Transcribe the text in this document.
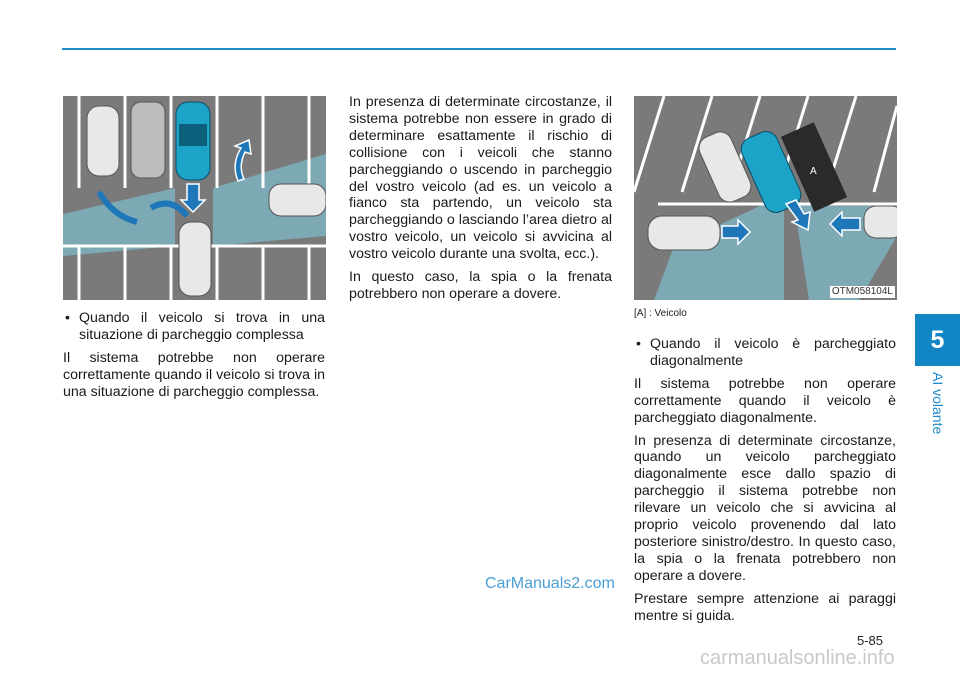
5
AI volante
A
OTM058104L
[A] : Veicolo
• Quando il veicolo si trova in una situazione di parcheggio complessa

Il sistema potrebbe non operare correttamente quando il veicolo si trova in una situazione di parcheggio complessa.

In presenza di determinate circostanze, il sistema potrebbe non essere in grado di determinare esattamente il rischio di collisione con i veicoli che stanno parcheggiando o uscendo in parcheggio del vostro veicolo (ad es. un veicolo a fianco sta partendo, un veicolo sta parcheggiando o lasciando l’area dietro al vostro veicolo, un veicolo si avvicina al vostro veicolo durante una svolta, ecc.).

In questo caso, la spia o la frenata potrebbero non operare a dovere.

• Quando il veicolo è parcheggiato diagonalmente

Il sistema potrebbe non operare correttamente quando il veicolo è parcheggiato diagonalmente.

In presenza di determinate circostanze, quando un veicolo parcheggiato diagonalmente esce dallo spazio di parcheggio il sistema potrebbe non rilevare un veicolo che si avvicina al proprio veicolo provenendo dal lato posteriore sinistro/destro. In questo caso, la spia o la frenata potrebbero non operare a dovere.

Prestare sempre attenzione ai paraggi mentre si guida.

5-85
CarManuals2.com
carmanualsonline.info
